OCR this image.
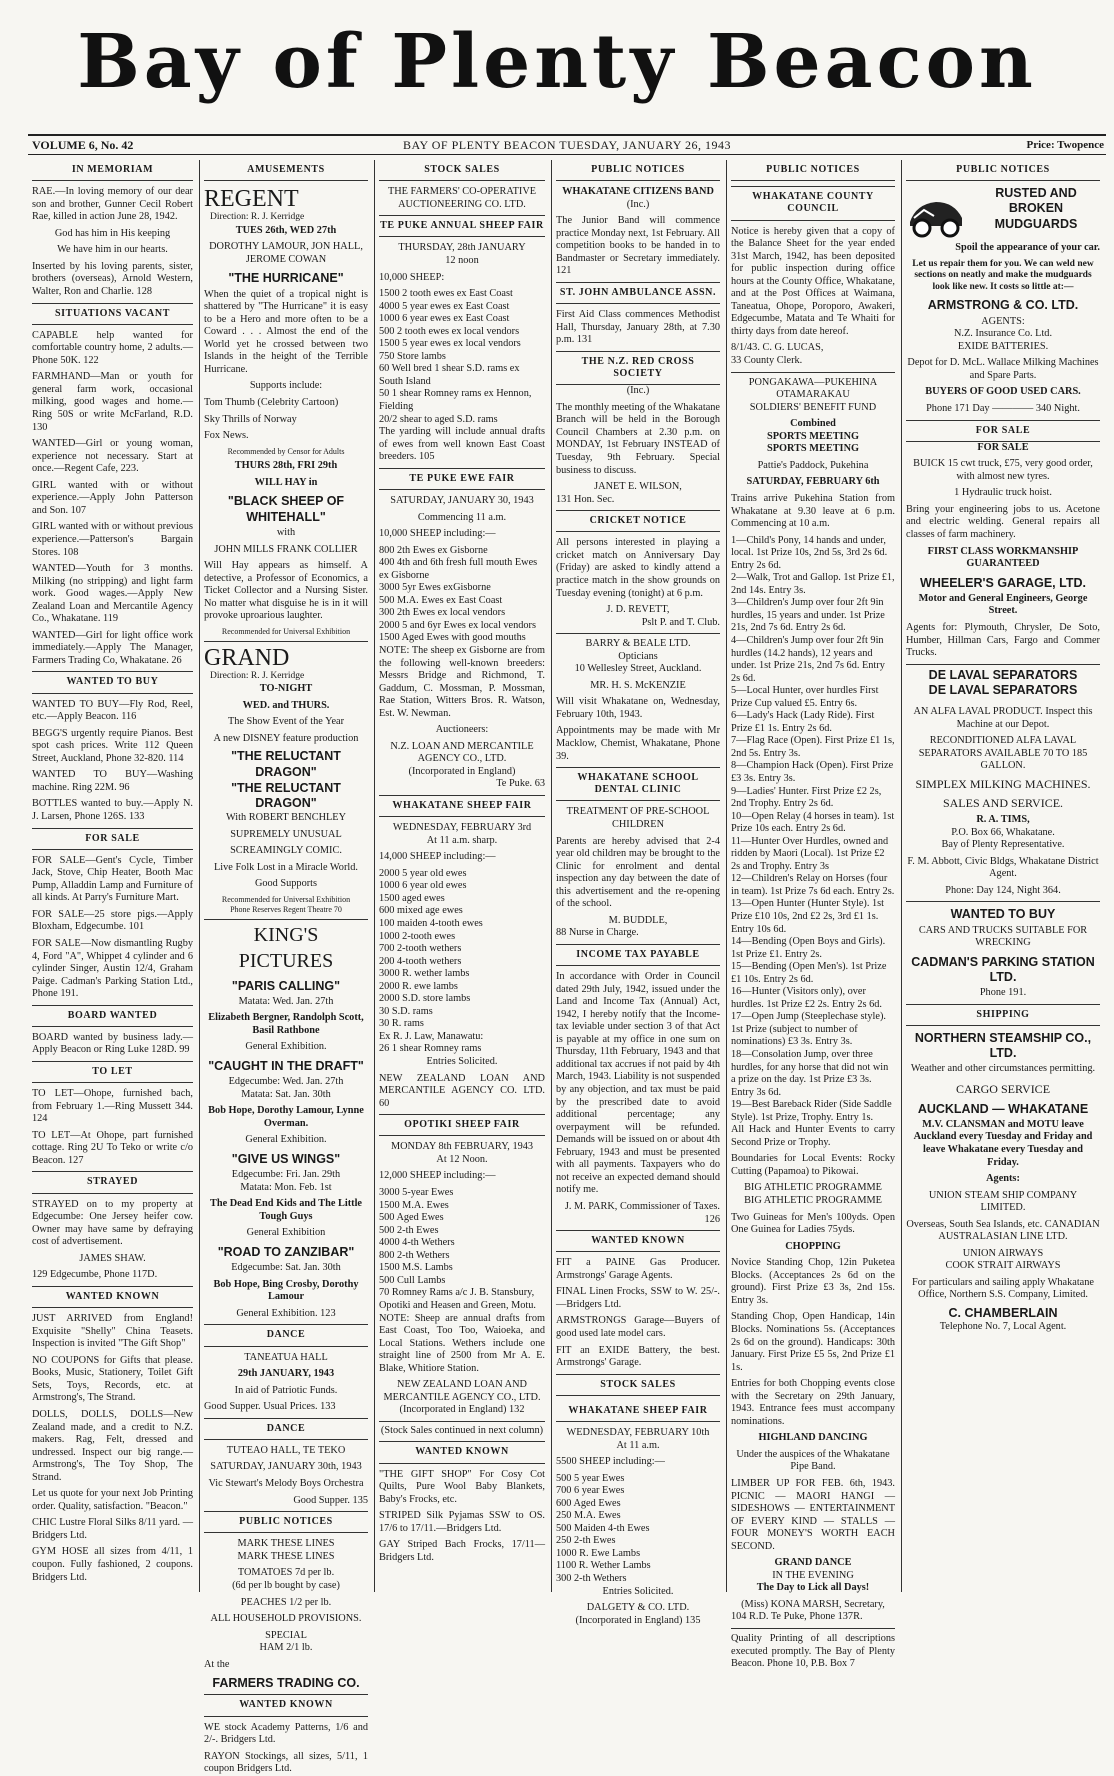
Bay of Plenty Beacon
VOLUME 6, No. 42	BAY OF PLENTY BEACON TUESDAY, JANUARY 26, 1943	Price: Twopence
IN MEMORIAM

RAE.—In loving memory of our dear son and brother, Gunner Cecil Robert Rae, killed in action June 28, 1942.

God has him in His keeping

We have him in our hearts.

Inserted by his loving parents, sister, brothers (overseas), Arnold Western, Walter, Ron and Charlie. 128

SITUATIONS VACANT

CAPABLE help wanted for comfortable country home, 2 adults.—Phone 50K. 122

FARMHAND—Man or youth for general farm work, occasional milking, good wages and home.—Ring 50S or write McFarland, R.D. 130

WANTED—Girl or young woman, experience not necessary. Start at once.—Regent Cafe, 223.

GIRL wanted with or without experience.—Apply John Patterson and Son. 107

GIRL wanted with or without previous experience.—Patterson's Bargain Stores. 108

WANTED—Youth for 3 months. Milking (no stripping) and light farm work. Good wages.—Apply New Zealand Loan and Mercantile Agency Co., Whakatane. 119

WANTED—Girl for light office work immediately.—Apply The Manager, Farmers Trading Co, Whakatane. 26

WANTED TO BUY

WANTED TO BUY—Fly Rod, Reel, etc.—Apply Beacon. 116

BEGG'S urgently require Pianos. Best spot cash prices. Write 112 Queen Street, Auckland, Phone 32-820. 114

WANTED TO BUY—Washing machine. Ring 22M. 96

BOTTLES wanted to buy.—Apply N. J. Larsen, Phone 126S. 133

FOR SALE

FOR SALE—Gent's Cycle, Timber Jack, Stove, Chip Heater, Booth Mac Pump, Alladdin Lamp and Furniture of all kinds. At Parry's Furniture Mart.

FOR SALE—25 store pigs.—Apply Bloxham, Edgecumbe. 101

FOR SALE—Now dismantling Rugby 4, Ford "A", Whippet 4 cylinder and 6 cylinder Singer, Austin 12/4, Graham Paige. Cadman's Parking Station Ltd., Phone 191.

BOARD WANTED

BOARD wanted by business lady.—Apply Beacon or Ring Luke 128D. 99

TO LET

TO LET—Ohope, furnished bach, from February 1.—Ring Mussett 344. 124

TO LET—At Ohope, part furnished cottage. Ring 2U To Teko or write c/o Beacon. 127

STRAYED

STRAYED on to my property at Edgecumbe: One Jersey heifer cow. Owner may have same by defraying cost of advertisement.

JAMES SHAW.

129 Edgecumbe, Phone 117D.

WANTED KNOWN

JUST ARRIVED from England! Exquisite "Shelly" China Teasets. Inspection is invited "The Gift Shop"

NO COUPONS for Gifts that please. Books, Music, Stationery, Toilet Gift Sets, Toys, Records, etc. at Armstrong's, The Strand.

DOLLS, DOLLS, DOLLS—New Zealand made, and a credit to N.Z. makers. Rag, Felt, dressed and undressed. Inspect our big range.—Armstrong's, The Toy Shop, The Strand.

Let us quote for your next Job Printing order. Quality, satisfaction. "Beacon."

CHIC Lustre Floral Silks 8/11 yard. —Bridgers Ltd.

GYM HOSE all sizes from 4/11, 1 coupon. Fully fashioned, 2 coupons. Bridgers Ltd.

AMUSEMENTS
REGENT Direction: R. J. Kerridge

TUES 26th, WED 27th

DOROTHY LAMOUR, JON HALL, JEROME COWAN

"THE HURRICANE"

When the quiet of a tropical night is shattered by "The Hurricane" it is easy to be a Hero and more often to be a Coward . . . Almost the end of the World yet he crossed between two Islands in the height of the Terrible Hurricane.

Supports include:

Tom Thumb (Celebrity Cartoon)

Sky Thrills of Norway

Fox News.

Recommended by Censor for Adults

THURS 28th, FRI 29th

WILL HAY in

"BLACK SHEEP OF WHITEHALL"

with

JOHN MILLS FRANK COLLIER

Will Hay appears as himself. A detective, a Professor of Economics, a Ticket Collector and a Nursing Sister. No matter what disguise he is in it will provoke uproarious laughter.

Recommended for Universal Exhibition

GRAND Direction: R. J. Kerridge

TO-NIGHT

WED. and THURS.

The Show Event of the Year

A new DISNEY feature production

"THE RELUCTANT DRAGON"

"THE RELUCTANT DRAGON"

With ROBERT BENCHLEY

SUPREMELY UNUSUAL

SCREAMINGLY COMIC.

Live Folk Lost in a Miracle World.

Good Supports

Recommended for Universal Exhibition

Phone Reserves Regent Theatre 70

KING'S PICTURES

"PARIS CALLING"

Matata: Wed. Jan. 27th

Elizabeth Bergner, Randolph Scott, Basil Rathbone

General Exhibition.

"CAUGHT IN THE DRAFT"

Edgecumbe: Wed. Jan. 27th

Matata: Sat. Jan. 30th

Bob Hope, Dorothy Lamour, Lynne Overman.

General Exhibition.

"GIVE US WINGS"

Edgecumbe: Fri. Jan. 29th

Matata: Mon. Feb. 1st

The Dead End Kids and The Little Tough Guys

General Exhibition

"ROAD TO ZANZIBAR"

Edgecumbe: Sat. Jan. 30th

Bob Hope, Bing Crosby, Dorothy Lamour

General Exhibition. 123

DANCE

TANEATUA HALL

29th JANUARY, 1943

In aid of Patriotic Funds.

Good Supper. Usual Prices. 133

DANCE

TUTEAO HALL, TE TEKO

SATURDAY, JANUARY 30th, 1943

Vic Stewart's Melody Boys Orchestra

Good Supper. 135

PUBLIC NOTICES

MARK THESE LINES

MARK THESE LINES

TOMATOES 7d per lb.

(6d per lb bought by case)

PEACHES 1/2 per lb.

ALL HOUSEHOLD PROVISIONS.

SPECIAL

HAM 2/1 lb.

At the

FARMERS TRADING CO.

WANTED KNOWN

WE stock Academy Patterns, 1/6 and 2/-. Bridgers Ltd.

RAYON Stockings, all sizes, 5/11, 1 coupon Bridgers Ltd.

STOCK SALES

THE FARMERS' CO-OPERATIVE AUCTIONEERING CO. LTD.

TE PUKE ANNUAL SHEEP FAIR

THURSDAY, 28th JANUARY

12 noon

10,000 SHEEP:

1500 2 tooth ewes ex East Coast
4000 5 year ewes ex East Coast
1000 6 year ewes ex East Coast
500 2 tooth ewes ex local vendors
1500 5 year ewes ex local vendors
750 Store lambs
60 Well bred 1 shear S.D. rams ex South Island
50 1 shear Romney rams ex Hennon, Fielding
20/2 shear to aged S.D. rams

The yarding will include annual drafts of ewes from well known East Coast breeders. 105

TE PUKE EWE FAIR

SATURDAY, JANUARY 30, 1943

Commencing 11 a.m.

10,000 SHEEP including:—

800 2th Ewes ex Gisborne
400 4th and 6th fresh full mouth Ewes ex Gisborne
3000 5yr Ewes exGisborne
500 M.A. Ewes ex East Coast
300 2th Ewes ex local vendors
2000 5 and 6yr Ewes ex local vendors
1500 Aged Ewes with good mouths

NOTE: The sheep ex Gisborne are from the following well-known breeders: Messrs Bridge and Richmond, T. Gaddum, C. Mossman, P. Mossman, Rae Station, Witters Bros. R. Watson, Est. W. Newman.

Auctioneers:

N.Z. LOAN AND MERCANTILE AGENCY CO., LTD.

(Incorporated in England)

Te Puke. 63

WHAKATANE SHEEP FAIR

WEDNESDAY, FEBRUARY 3rd

At 11 a.m. sharp.

14,000 SHEEP including:—

2000 5 year old ewes
1000 6 year old ewes
1500 aged ewes
600 mixed age ewes
100 maiden 4-tooth ewes
1000 2-tooth ewes
700 2-tooth wethers
200 4-tooth wethers
3000 R. wether lambs
2000 R. ewe lambs
2000 S.D. store lambs
30 S.D. rams
30 R. rams
Ex R. J. Law, Manawatu:
26 1 shear Romney rams

Entries Solicited.

NEW ZEALAND LOAN AND MERCANTILE AGENCY CO. LTD. 60

OPOTIKI SHEEP FAIR

MONDAY 8th FEBRUARY, 1943

At 12 Noon.

12,000 SHEEP including:—

3000 5-year Ewes
1500 M.A. Ewes
500 Aged Ewes
500 2-th Ewes
4000 4-th Wethers
800 2-th Wethers
1500 M.S. Lambs
500 Cull Lambs
70 Romney Rams a/c J. B. Stansbury, Opotiki and Heasen and Green, Motu.

NOTE: Sheep are annual drafts from East Coast, Too Too, Waioeka, and Local Stations. Wethers include one straight line of 2500 from Mr A. E. Blake, Whitiore Station.

NEW ZEALAND LOAN AND MERCANTILE AGENCY CO., LTD.

(Incorporated in England) 132

(Stock Sales continued in next column)

WANTED KNOWN

"THE GIFT SHOP" For Cosy Cot Quilts, Pure Wool Baby Blankets, Baby's Frocks, etc.

STRIPED Silk Pyjamas SSW to OS. 17/6 to 17/11.—Bridgers Ltd.

GAY Striped Bach Frocks, 17/11—Bridgers Ltd.

PUBLIC NOTICES

WHAKATANE CITIZENS BAND

(Inc.)

The Junior Band will commence practice Monday next, 1st February. All competition books to be handed in to Bandmaster or Secretary immediately. 121

ST. JOHN AMBULANCE ASSN.

First Aid Class commences Methodist Hall, Thursday, January 28th, at 7.30 p.m. 131

THE N.Z. RED CROSS SOCIETY

(Inc.)

The monthly meeting of the Whakatane Branch will be held in the Borough Council Chambers at 2.30 p.m. on MONDAY, 1st February INSTEAD of Tuesday, 9th February. Special business to discuss.

JANET E. WILSON,

131 Hon. Sec.

CRICKET NOTICE

All persons interested in playing a cricket match on Anniversary Day (Friday) are asked to kindly attend a practice match in the show grounds on Tuesday evening (tonight) at 6 p.m.

J. D. REVETT,

Pslt P. and T. Club.

BARRY & BEALE LTD.

Opticians

10 Wellesley Street, Auckland.

MR. H. S. McKENZIE

Will visit Whakatane on, Wednesday, February 10th, 1943.

Appointments may be made with Mr Macklow, Chemist, Whakatane, Phone 39.

WHAKATANE SCHOOL DENTAL CLINIC

TREATMENT OF PRE-SCHOOL CHILDREN

Parents are hereby advised that 2-4 year old children may be brought to the Clinic for enrolment and dental inspection any day between the date of this advertisement and the re-opening of the school.

M. BUDDLE,

88 Nurse in Charge.

INCOME TAX PAYABLE

In accordance with Order in Council dated 29th July, 1942, issued under the Land and Income Tax (Annual) Act, 1942, I hereby notify that the Income-tax leviable under section 3 of that Act is payable at my office in one sum on Thursday, 11th February, 1943 and that additional tax accrues if not paid by 4th March, 1943. Liability is not suspended by any objection, and tax must be paid by the prescribed date to avoid additional percentage; any overpayment will be refunded. Demands will be issued on or about 4th February, 1943 and must be presented with all payments. Taxpayers who do not receive an expected demand should notify me.

J. M. PARK, Commissioner of Taxes. 126

WANTED KNOWN

FIT a PAINE Gas Producer. Armstrongs' Garage Agents.

FINAL Linen Frocks, SSW to W. 25/-.—Bridgers Ltd.

ARMSTRONGS Garage—Buyers of good used late model cars.

FIT an EXIDE Battery, the best. Armstrongs' Garage.

STOCK SALES
WHAKATANE SHEEP FAIR

WEDNESDAY, FEBRUARY 10th

At 11 a.m.

5500 SHEEP including:—

500 5 year Ewes
700 6 year Ewes
600 Aged Ewes
250 M.A. Ewes
500 Maiden 4-th Ewes
250 2-th Ewes
1000 R. Ewe Lambs
1100 R. Wether Lambs
300 2-th Wethers

Entries Solicited.

DALGETY & CO. LTD.

(Incorporated in England) 135

PUBLIC NOTICES
WHAKATANE COUNTY COUNCIL

Notice is hereby given that a copy of the Balance Sheet for the year ended 31st March, 1942, has been deposited for public inspection during office hours at the County Office, Whakatane, and at the Post Offices at Waimana, Taneatua, Ohope, Poroporo, Awakeri, Edgecumbe, Matata and Te Whaiti for thirty days from date hereof.

8/1/43. C. G. LUCAS,

33 County Clerk.

PONGAKAWA—PUKEHINA

OTAMARAKAU

SOLDIERS' BENEFIT FUND

Combined

SPORTS MEETING

SPORTS MEETING

Pattie's Paddock, Pukehina

SATURDAY, FEBRUARY 6th

Trains arrive Pukehina Station from Whakatane at 9.30 leave at 6 p.m. Commencing at 10 a.m.

1—Child's Pony, 14 hands and under, local. 1st Prize 10s, 2nd 5s, 3rd 2s 6d. Entry 2s 6d.
2—Walk, Trot and Gallop. 1st Prize £1, 2nd 14s. Entry 3s.
3—Children's Jump over four 2ft 9in hurdles, 15 years and under. 1st Prize 21s, 2nd 7s 6d. Entry 2s 6d.
4—Children's Jump over four 2ft 9in hurdles (14.2 hands), 12 years and under. 1st Prize 21s, 2nd 7s 6d. Entry 2s 6d.
5—Local Hunter, over hurdles First Prize Cup valued £5. Entry 6s.
6—Lady's Hack (Lady Ride). First Prize £1 1s. Entry 2s 6d.
7—Flag Race (Open). First Prize £1 1s, 2nd 5s. Entry 3s.
8—Champion Hack (Open). First Prize £3 3s. Entry 3s.
9—Ladies' Hunter. First Prize £2 2s, 2nd Trophy. Entry 2s 6d.
10—Open Relay (4 horses in team). 1st Prize 10s each. Entry 2s 6d.
11—Hunter Over Hurdles, owned and ridden by Maori (Local). 1st Prize £2 2s and Trophy. Entry 3s
12—Children's Relay on Horses (four in team). 1st Prize 7s 6d each. Entry 2s.
13—Open Hunter (Hunter Style). 1st Prize £10 10s, 2nd £2 2s, 3rd £1 1s. Entry 10s 6d.
14—Bending (Open Boys and Girls). 1st Prize £1. Entry 2s.
15—Bending (Open Men's). 1st Prize £1 10s. Entry 2s 6d.
16—Hunter (Visitors only), over hurdles. 1st Prize £2 2s. Entry 2s 6d.
17—Open Jump (Steeplechase style). 1st Prize (subject to number of nominations) £3 3s. Entry 3s.
18—Consolation Jump, over three hurdles, for any horse that did not win a prize on the day. 1st Prize £3 3s. Entry 3s 6d.
19—Best Bareback Rider (Side Saddle Style). 1st Prize, Trophy. Entry 1s.

All Hack and Hunter Events to carry Second Prize or Trophy.

Boundaries for Local Events: Rocky Cutting (Papamoa) to Pikowai.

BIG ATHLETIC PROGRAMME

BIG ATHLETIC PROGRAMME

Two Guineas for Men's 100yds. Open One Guinea for Ladies 75yds.

CHOPPING

Novice Standing Chop, 12in Puketea Blocks. (Acceptances 2s 6d on the ground). First Prize £3 3s, 2nd 15s. Entry 3s.

Standing Chop, Open Handicap, 14in Blocks. Nominations 5s. (Acceptances 2s 6d on the ground). Handicaps: 30th January. First Prize £5 5s, 2nd Prize £1 1s.

Entries for both Chopping events close with the Secretary on 29th January, 1943. Entrance fees must accompany nominations.

HIGHLAND DANCING

Under the auspices of the Whakatane Pipe Band.

LIMBER UP FOR FEB. 6th, 1943. PICNIC — MAORI HANGI — SIDESHOWS — ENTERTAINMENT OF EVERY KIND — STALLS — FOUR MONEY'S WORTH EACH SECOND.

GRAND DANCE

IN THE EVENING

The Day to Lick all Days!

(Miss) KONA MARSH, Secretary,

104 R.D. Te Puke, Phone 137R.

Quality Printing of all descriptions executed promptly. The Bay of Plenty Beacon. Phone 10, P.B. Box 7

PUBLIC NOTICES

RUSTED AND BROKEN MUDGUARDS

Spoil the appearance of your car.

Let us repair them for you. We can weld new sections on neatly and make the mudguards look like new. It costs so little at:—

ARMSTRONG & CO. LTD.

AGENTS:

N.Z. Insurance Co. Ltd.

EXIDE BATTERIES.

Depot for D. McL. Wallace Milking Machines and Spare Parts.

BUYERS OF GOOD USED CARS.

Phone 171 Day ———— 340 Night.

FOR SALE

FOR SALE

BUICK 15 cwt truck, £75, very good order, with almost new tyres.

1 Hydraulic truck hoist.

Bring your engineering jobs to us. Acetone and electric welding. General repairs all classes of farm machinery.

FIRST CLASS WORKMANSHIP GUARANTEED

WHEELER'S GARAGE, LTD.

Motor and General Engineers, George Street.

Agents for: Plymouth, Chrysler, De Soto, Humber, Hillman Cars, Fargo and Commer Trucks.

DE LAVAL SEPARATORS

DE LAVAL SEPARATORS

AN ALFA LAVAL PRODUCT. Inspect this Machine at our Depot.

RECONDITIONED ALFA LAVAL SEPARATORS AVAILABLE 70 TO 185 GALLON.

SIMPLEX MILKING MACHINES.

SALES AND SERVICE.

R. A. TIMS,

P.O. Box 66, Whakatane.

Bay of Plenty Representative.

F. M. Abbott, Civic Bldgs, Whakatane District Agent.

Phone: Day 124, Night 364.

WANTED TO BUY

CARS AND TRUCKS SUITABLE FOR WRECKING

CADMAN'S PARKING STATION LTD.

Phone 191.

SHIPPING

NORTHERN STEAMSHIP CO., LTD.

Weather and other circumstances permitting.

CARGO SERVICE

AUCKLAND — WHAKATANE

M.V. CLANSMAN and MOTU leave Auckland every Tuesday and Friday and leave Whakatane every Tuesday and Friday.

Agents:

UNION STEAM SHIP COMPANY LIMITED.

Overseas, South Sea Islands, etc. CANADIAN AUSTRALASIAN LINE LTD.

UNION AIRWAYS

COOK STRAIT AIRWAYS

For particulars and sailing apply Whakatane Office, Northern S.S. Company, Limited.

C. CHAMBERLAIN

Telephone No. 7, Local Agent.
